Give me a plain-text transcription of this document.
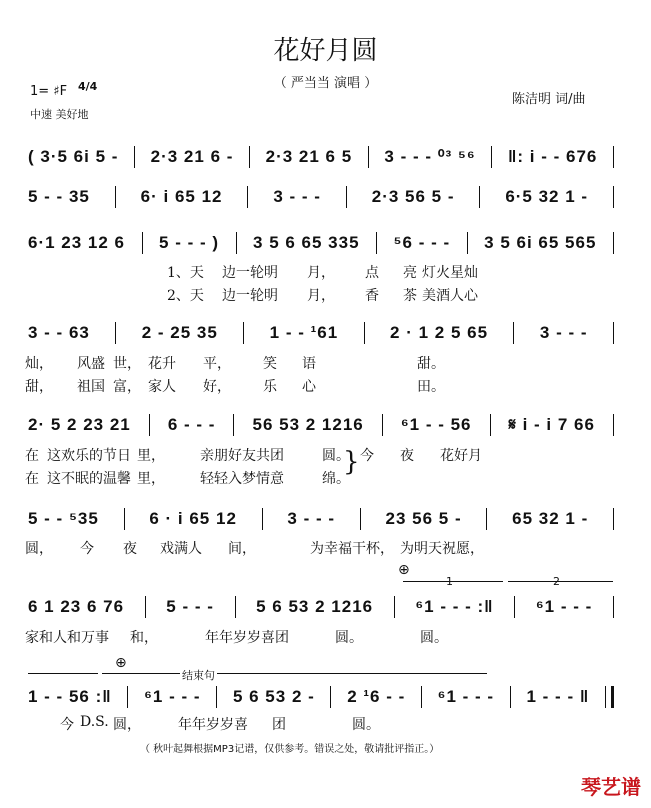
花好月圆
（ 严当当 演唱 ）
1= ♯F 4/4
中速 美好地
陈洁明 词/曲
( 3·5 6i 5 - 2·3 21 6 - 2·3 21 6 5 3 - - - ⁰³ ⁵⁶ ‖: i - - 676
5 - - 35	6· i 65 12	3 - - -	2·3 56 5 -	6·5 32 1 -
6·1 23 12 6 5 - - - ) 3 5 6 65 335 ⁵6 - - - 3 5 6i 65 565
3 - - 63	2 - 25 35	1 - - ¹61	2 · 1 2 5 65	3 - - -
2· 5 2 23 21 6 - - - 56 53 2 1216 ⁶1 - - 56 𝄋 i - i 7 66
5 - - ⁵35	6 · i 65 12	3 - - -	23 56 5 -	65 32 1 -
6 1 23 6 76 5 - - - 5 6 53 2 1216 ⁶1 - - - :‖ ⁶1 - - -
1 - - 56 :‖ ⁶1 - - - 5 6 53 2 - 2 ¹6 - - ⁶1 - - - 1 - - - ‖
1、天 边一轮明 月， 点 亮 灯火星灿
2、天 边一轮明 月， 香 茶 美酒人心
灿， 风盛 世， 花升 平， 笑 语	甜。
甜， 祖国 富， 家人 好， 乐 心	田。
在 这欢乐的节日 里，	亲朋好友共团	圆。 今 夜 花好月
在 这不眠的温馨 里，	轻轻入梦情意	绵。
圆， 今 夜 戏满人 间，	为幸福干杯， 为明天祝愿，
家和人和万事 和，	年年岁岁喜团	圆。	圆。
今 D.S. 圆，	年年岁岁喜 团	圆。
}
⊕
1	2
⊕
结束句
（ 秋叶起舞根据MP3记谱，仅供参考。错误之处，敬请批评指正。）
琴艺谱
